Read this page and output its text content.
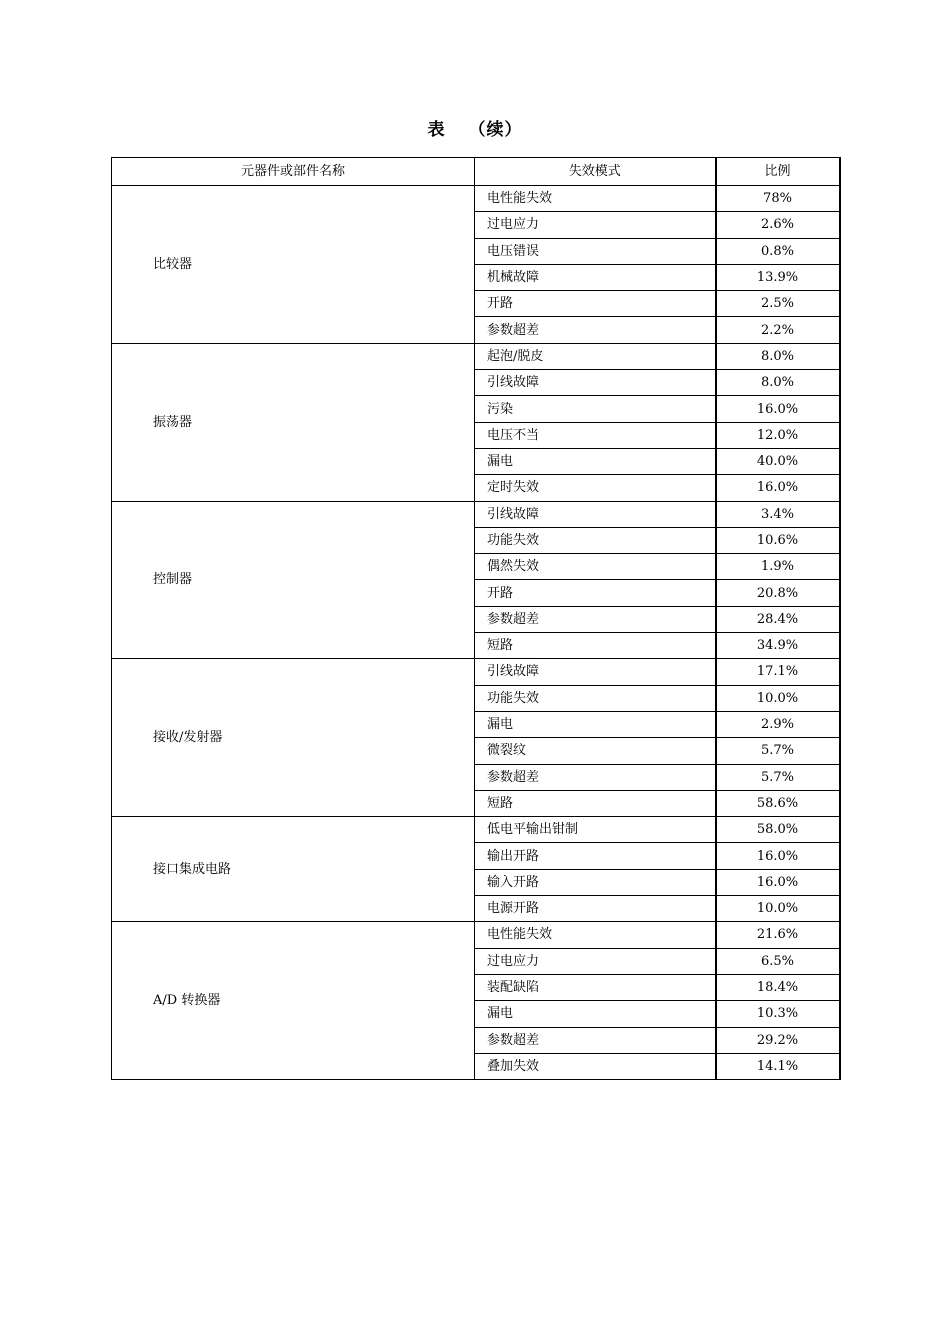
表 （续）
元器件或部件名称	失效模式	比例
比较器	电性能失效	78%
	过电应力	2.6%
	电压错误	0.8%
	机械故障	13.9%
	开路	2.5%
	参数超差	2.2%
振荡器	起泡/脱皮	8.0%
	引线故障	8.0%
	污染	16.0%
	电压不当	12.0%
	漏电	40.0%
	定时失效	16.0%
控制器	引线故障	3.4%
	功能失效	10.6%
	偶然失效	1.9%
	开路	20.8%
	参数超差	28.4%
	短路	34.9%
接收/发射器	引线故障	17.1%
	功能失效	10.0%
	漏电	2.9%
	微裂纹	5.7%
	参数超差	5.7%
	短路	58.6%
接口集成电路	低电平输出钳制	58.0%
	输出开路	16.0%
	输入开路	16.0%
	电源开路	10.0%
A/D 转换器	电性能失效	21.6%
	过电应力	6.5%
	装配缺陷	18.4%
	漏电	10.3%
	参数超差	29.2%
	叠加失效	14.1%
